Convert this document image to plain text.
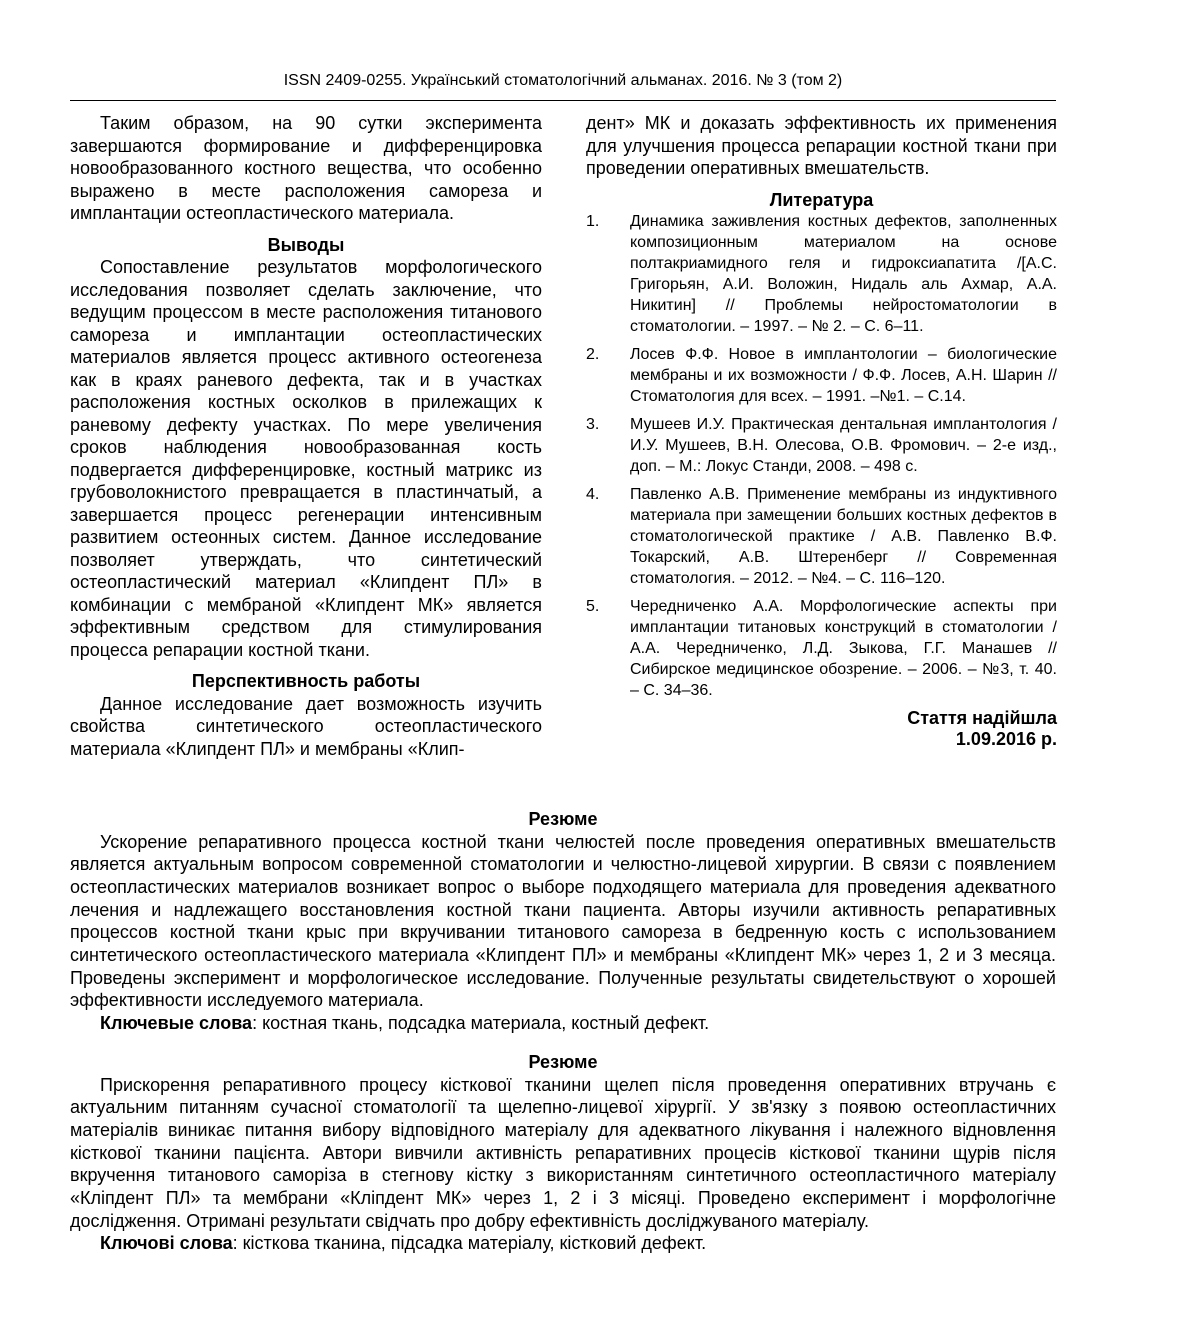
ISSN 2409-0255. Український стоматологічний альманах. 2016. № 3 (том 2)

Таким образом, на 90 сутки эксперимента завершаются формирование и дифференцировка новообразованного костного вещества, что особенно выражено в месте расположения самореза и имплантации остеопластического материала.

Выводы

Сопоставление результатов морфологического исследования позволяет сделать заключение, что ведущим процессом в месте расположения титанового самореза и имплантации остеопластических материалов является процесс активного остеогенеза как в краях раневого дефекта, так и в участках расположения костных осколков в прилежащих к раневому дефекту участках. По мере увеличения сроков наблюдения новообразованная кость подвергается дифференцировке, костный матрикс из грубоволокнистого превращается в пластинчатый, а завершается процесс регенерации интенсивным развитием остеонных систем. Данное исследование позволяет утверждать, что синтетический остеопластический материал «Клипдент ПЛ» в комбинации с мембраной «Клипдент МК» является эффективным средством для стимулирования процесса репарации костной ткани.

Перспективность работы

Данное исследование дает возможность изучить свойства синтетического остеопластического материала «Клипдент ПЛ» и мембраны «Клип-

дент» МК и доказать эффективность их применения для улучшения процесса репарации костной ткани при проведении оперативных вмешательств.

Литература
1.	Динамика заживления костных дефектов, заполненных композиционным материалом на основе полтакриамидного геля и гидроксиапатита /[А.С. Григорьян, А.И. Воложин, Нидаль аль Ахмар, А.А. Никитин] // Проблемы нейростоматологии в стоматологии. – 1997. – № 2. – С. 6–11.
2.	Лосев Ф.Ф. Новое в имплантологии – биологические мембраны и их возможности / Ф.Ф. Лосев, А.Н. Шарин // Стоматология для всех. – 1991. –№1. – С.14.
3.	Мушеев И.У. Практическая дентальная имплантология / И.У. Мушеев, В.Н. Олесова, О.В. Фромович. – 2-е изд., доп. – М.: Локус Станди, 2008. – 498 с.
4.	Павленко А.В. Применение мембраны из индуктивного материала при замещении больших костных дефектов в стоматологической практике / А.В. Павленко В.Ф. Токарский, А.В. Штеренберг // Современная стоматология. – 2012. – №4. – С. 116–120.
5.	Чередниченко А.А. Морфологические аспекты при имплантации титановых конструкций в стоматологии / А.А. Чередниченко, Л.Д. Зыкова, Г.Г. Манашев // Сибирское медицинское обозрение. – 2006. – №3, т. 40. – С. 34–36.
Стаття надійшла
1.09.2016 р.
Резюме

Ускорение репаративного процесса костной ткани челюстей после проведения оперативных вмешательств является актуальным вопросом современной стоматологии и челюстно-лицевой хирургии. В связи с появлением остеопластических материалов возникает вопрос о выборе подходящего материала для проведения адекватного лечения и надлежащего восстановления костной ткани пациента. Авторы изучили активность репаративных процессов костной ткани крыс при вкручивании титанового самореза в бедренную кость с использованием синтетического остеопластического материала «Клипдент ПЛ» и мембраны «Клипдент МК» через 1, 2 и 3 месяца. Проведены эксперимент и морфологическое исследование. Полученные результаты свидетельствуют о хорошей эффективности исследуемого материала.

Ключевые слова: костная ткань, подсадка материала, костный дефект.

Резюме

Прискорення репаративного процесу кісткової тканини щелеп після проведення оперативних втручань є актуальним питанням сучасної стоматології та щелепно-лицевої хірургії. У зв'язку з появою остеопластичних матеріалів виникає питання вибору відповідного матеріалу для адекватного лікування і належного відновлення кісткової тканини пацієнта. Автори вивчили активність репаративних процесів кісткової тканини щурів після вкручення титанового саморіза в стегнову кістку з використанням синтетичного остеопластичного матеріалу «Кліпдент ПЛ» та мембрани «Кліпдент МК» через 1, 2 і 3 місяці. Проведено експеримент і морфологічне дослідження. Отримані результати свідчать про добру ефективність досліджуваного матеріалу.

Ключові слова: кісткова тканина, підсадка матеріалу, кістковий дефект.
